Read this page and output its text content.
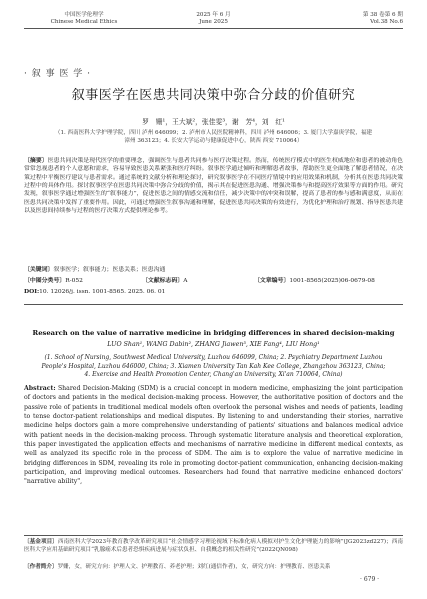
中国医学伦理学
Chinese Medical Ethics
2025 年 6 月
June 2025
第 38 卷第 6 期
Vol.38 No.6
· 叙 事 医 学 ·
叙事医学在医患共同决策中弥合分歧的价值研究
罗　姗¹，王大斌²，张佳雯³，谢　芳⁴，刘　红¹
（1. 西南医科大学护理学院，四川 泸州 646099；2. 泸州市人民医院精神科，四川 泸州 646006；3. 厦门大学嘉庚学院，福建
漳州 363123；4. 长安大学运动与健康促进中心，陕西 西安 710064）
〔摘要〕医患共同决策是现代医学的重要理念，强调医生与患者共同参与医疗决策过程。然而，传统医疗模式中的医生权威地位和患者的被动角色常常忽视患者的个人意愿和需求，容易导致医患关系紧张和医疗纠纷。叙事医学通过倾听和理解患者故事，帮助医生更全面地了解患者情况，在决策过程中平衡医疗建议与患者需求。通过系统的文献分析和理论探讨，研究叙事医学在不同医疗情境中的应用效果和机制，分析其在医患共同决策过程中的具体作用。探讨叙事医学在医患共同决策中弥合分歧的价值，揭示其在促进医患沟通、增强决策参与和提高医疗效果等方面的作用。研究发现，叙事医学通过增强医生的“叙事能力”，促进医患之间的情感交流和信任，减少决策中的冲突和误解，提高了患者的参与感和满意度，从而在医患共同决策中发挥了重要作用。因此，可通过增强医生叙事沟通和理解，促进医患共同决策的有效进行，为优化护理和治疗规划、指导医患共建以及医患间持续参与过程的医疗决策方式提供理论参考。
〔关键词〕叙事医学；叙事能力；医患关系；医患沟通
〔中图分类号〕R-052	〔文献标志码〕A	〔文章编号〕1001-8565(2025)06-0679-08
DOI:10. 12026/j. issn. 1001-8565. 2025. 06. 01
Research on the value of narrative medicine in bridging differences in shared decision-making
LUO Shan¹, WANG Dabin², ZHANG Jiawen³, XIE Fang⁴, LIU Hong¹
(1. School of Nursing, Southwest Medical University, Luzhou 646099, China; 2. Psychiatry Department Luzhou
People's Hospital, Luzhou 646000, China; 3. Xiamen University Tan Kah Kee College, Zhangzhou 363123, China;
4. Exercise and Health Promotion Center, Chang'an University, Xi'an 710064, China)
Abstract: Shared Decision-Making (SDM) is a crucial concept in modern medicine, emphasizing the joint participation of doctors and patients in the medical decision-making process. However, the authoritative position of doctors and the passive role of patients in traditional medical models often overlook the personal wishes and needs of patients, leading to tense doctor-patient relationships and medical disputes. By listening to and understanding their stories, narrative medicine helps doctors gain a more comprehensive understanding of patients' situations and balances medical advice with patient needs in the decision-making process. Through systematic literature analysis and theoretical exploration, this paper investigated the application effects and mechanisms of narrative medicine in different medical contexts, as well as analyzed its specific role in the process of SDM. The aim is to explore the value of narrative medicine in bridging differences in SDM, revealing its role in promoting doctor-patient communication, enhancing decision-making participation, and improving medical outcomes. Researchers had found that narrative medicine enhanced doctors' "narrative ability",
〔基金项目〕西南医科大学2023年教育教学改革研究项目“社会情感学习理论视域下标准化病人模拟对护生文化护理能力的影响”(JG2023zd227)；西南医科大学应用基础研究项目“乳腺癌术后患者恐惧疾病进展与症状负担、自我概念的相关性研究”(2022QN098)
〔作者简介〕罗姗，女，研究方向：护理人文、护理教育、养老护理；刘红(通信作者)，女，研究方向：护理教育、医患关系
· 679 ·
